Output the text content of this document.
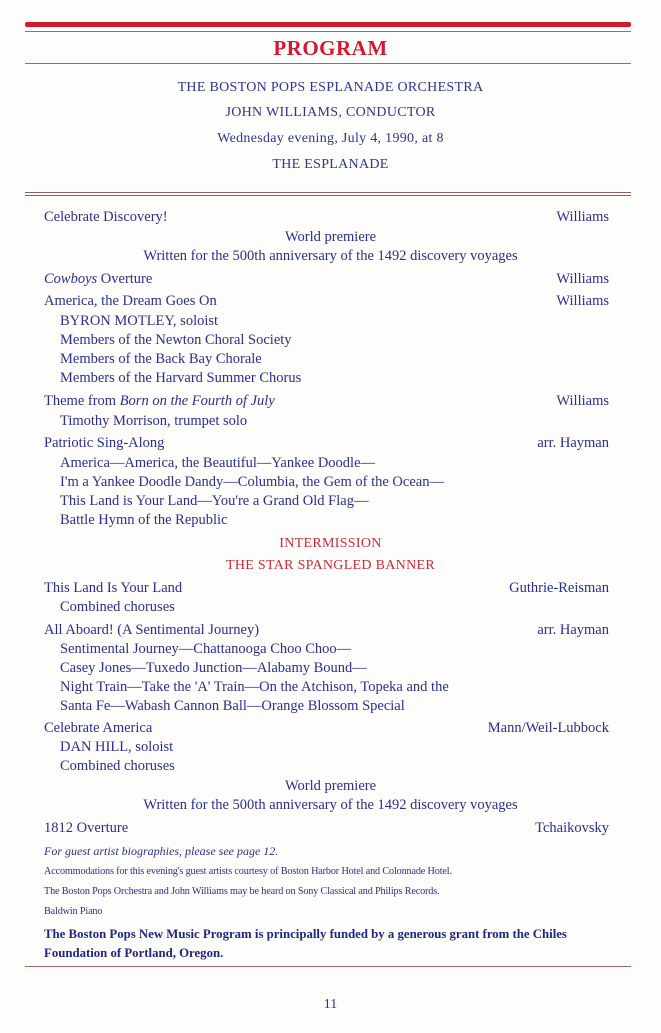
PROGRAM
THE BOSTON POPS ESPLANADE ORCHESTRA
JOHN WILLIAMS, CONDUCTOR
Wednesday evening, July 4, 1990, at 8
THE ESPLANADE
Celebrate Discovery!	Williams
World premiere
Written for the 500th anniversary of the 1492 discovery voyages
Cowboys Overture	Williams
America, the Dream Goes On	Williams
BYRON MOTLEY, soloist
Members of the Newton Choral Society
Members of the Back Bay Chorale
Members of the Harvard Summer Chorus
Theme from Born on the Fourth of July	Williams
Timothy Morrison, trumpet solo
Patriotic Sing-Along	arr. Hayman
America—America, the Beautiful—Yankee Doodle—
I'm a Yankee Doodle Dandy—Columbia, the Gem of the Ocean—
This Land is Your Land—You're a Grand Old Flag—
Battle Hymn of the Republic
INTERMISSION
THE STAR SPANGLED BANNER
This Land Is Your Land	Guthrie-Reisman
Combined choruses
All Aboard! (A Sentimental Journey)	arr. Hayman
Sentimental Journey—Chattanooga Choo Choo—
Casey Jones—Tuxedo Junction—Alabamy Bound—
Night Train—Take the 'A' Train—On the Atchison, Topeka and the
Santa Fe—Wabash Cannon Ball—Orange Blossom Special
Celebrate America	Mann/Weil-Lubbock
DAN HILL, soloist
Combined choruses
World premiere
Written for the 500th anniversary of the 1492 discovery voyages
1812 Overture	Tchaikovsky
For guest artist biographies, please see page 12.
Accommodations for this evening's guest artists courtesy of Boston Harbor Hotel and Colonnade Hotel.
The Boston Pops Orchestra and John Williams may be heard on Sony Classical and Philips Records.
Baldwin Piano
The Boston Pops New Music Program is principally funded by a generous grant from the Chiles Foundation of Portland, Oregon.
11
